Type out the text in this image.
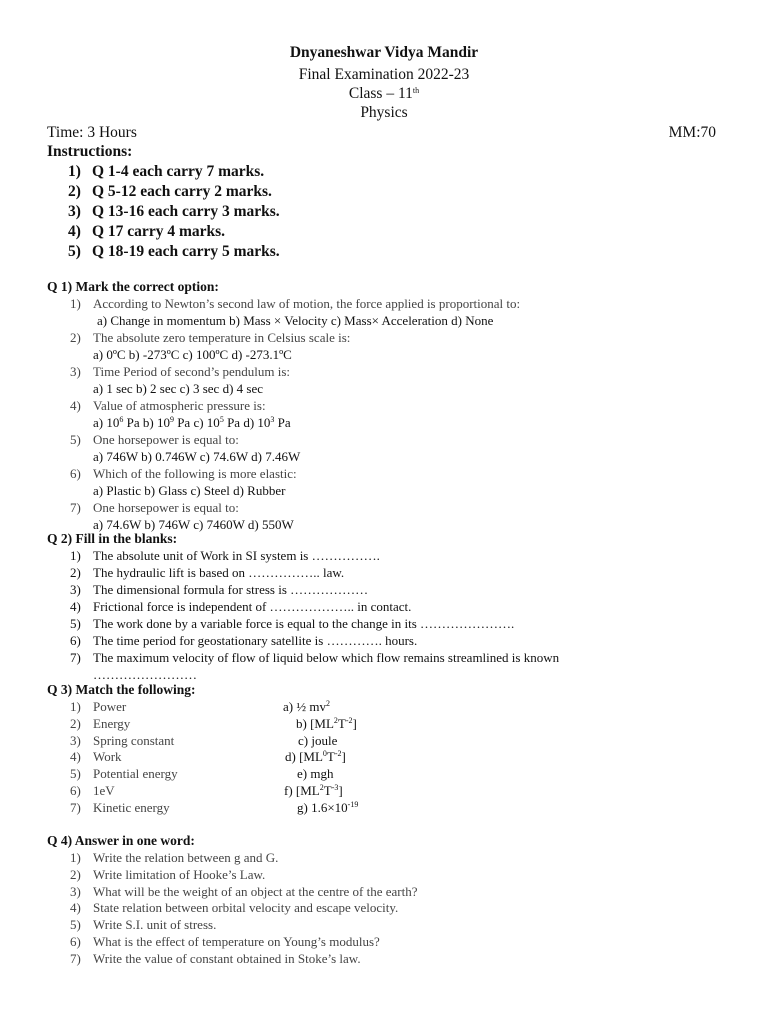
Dnyaneshwar Vidya Mandir
Final Examination 2022-23
Class – 11th
Physics
Time: 3 Hours	MM:70
Instructions:
1) Q 1-4 each carry 7 marks.
2) Q 5-12 each carry 2 marks.
3) Q 13-16 each carry 3 marks.
4) Q 17 carry 4 marks.
5) Q 18-19 each carry 5 marks.
Q 1) Mark the correct option:
1) According to Newton’s second law of motion, the force applied is proportional to:
a) Change in momentum b) Mass × Velocity c) Mass× Acceleration d) None
2) The absolute zero temperature in Celsius scale is:
a) 0ºC b) -273ºC c) 100ºC d) -273.1ºC
3) Time Period of second’s pendulum is:
a) 1 sec b) 2 sec c) 3 sec d) 4 sec
4) Value of atmospheric pressure is:
a) $10^6$ Pa b) $10^9$ Pa c) $10^5$ Pa d) $10^3$ Pa
5) One horsepower is equal to:
a) 746W b) 0.746W c) 74.6W d) 7.46W
6) Which of the following is more elastic:
a) Plastic b) Glass c) Steel d) Rubber
7) One horsepower is equal to:
a) 74.6W b) 746W c) 7460W d) 550W
Q 2) Fill in the blanks:
1) The absolute unit of Work in SI system is …………….
2) The hydraulic lift is based on …………….. law.
3) The dimensional formula for stress is ………………
4) Frictional force is independent of ……………….. in contact.
5) The work done by a variable force is equal to the change in its ………………….
6) The time period for geostationary satellite is …………. hours.
7) The maximum velocity of flow of liquid below which flow remains streamlined is known
……………………
Q 3) Match the following:
1) Power	a) ½ $mv^2$
2) Energy	b) $[ML^2T^{-2}]$
3) Spring constant	c) joule
4) Work	d) $[ML^0T^{-2}]$
5) Potential energy	e) mgh
6) 1eV	f) $[ML^2T^{-3}]$
7) Kinetic energy	g) $1.6\times 10^{-19}$
Q 4) Answer in one word:
1) Write the relation between g and G.
2) Write limitation of Hooke’s Law.
3) What will be the weight of an object at the centre of the earth?
4) State relation between orbital velocity and escape velocity.
5) Write S.I. unit of stress.
6) What is the effect of temperature on Young’s modulus?
7) Write the value of constant obtained in Stoke’s law.
